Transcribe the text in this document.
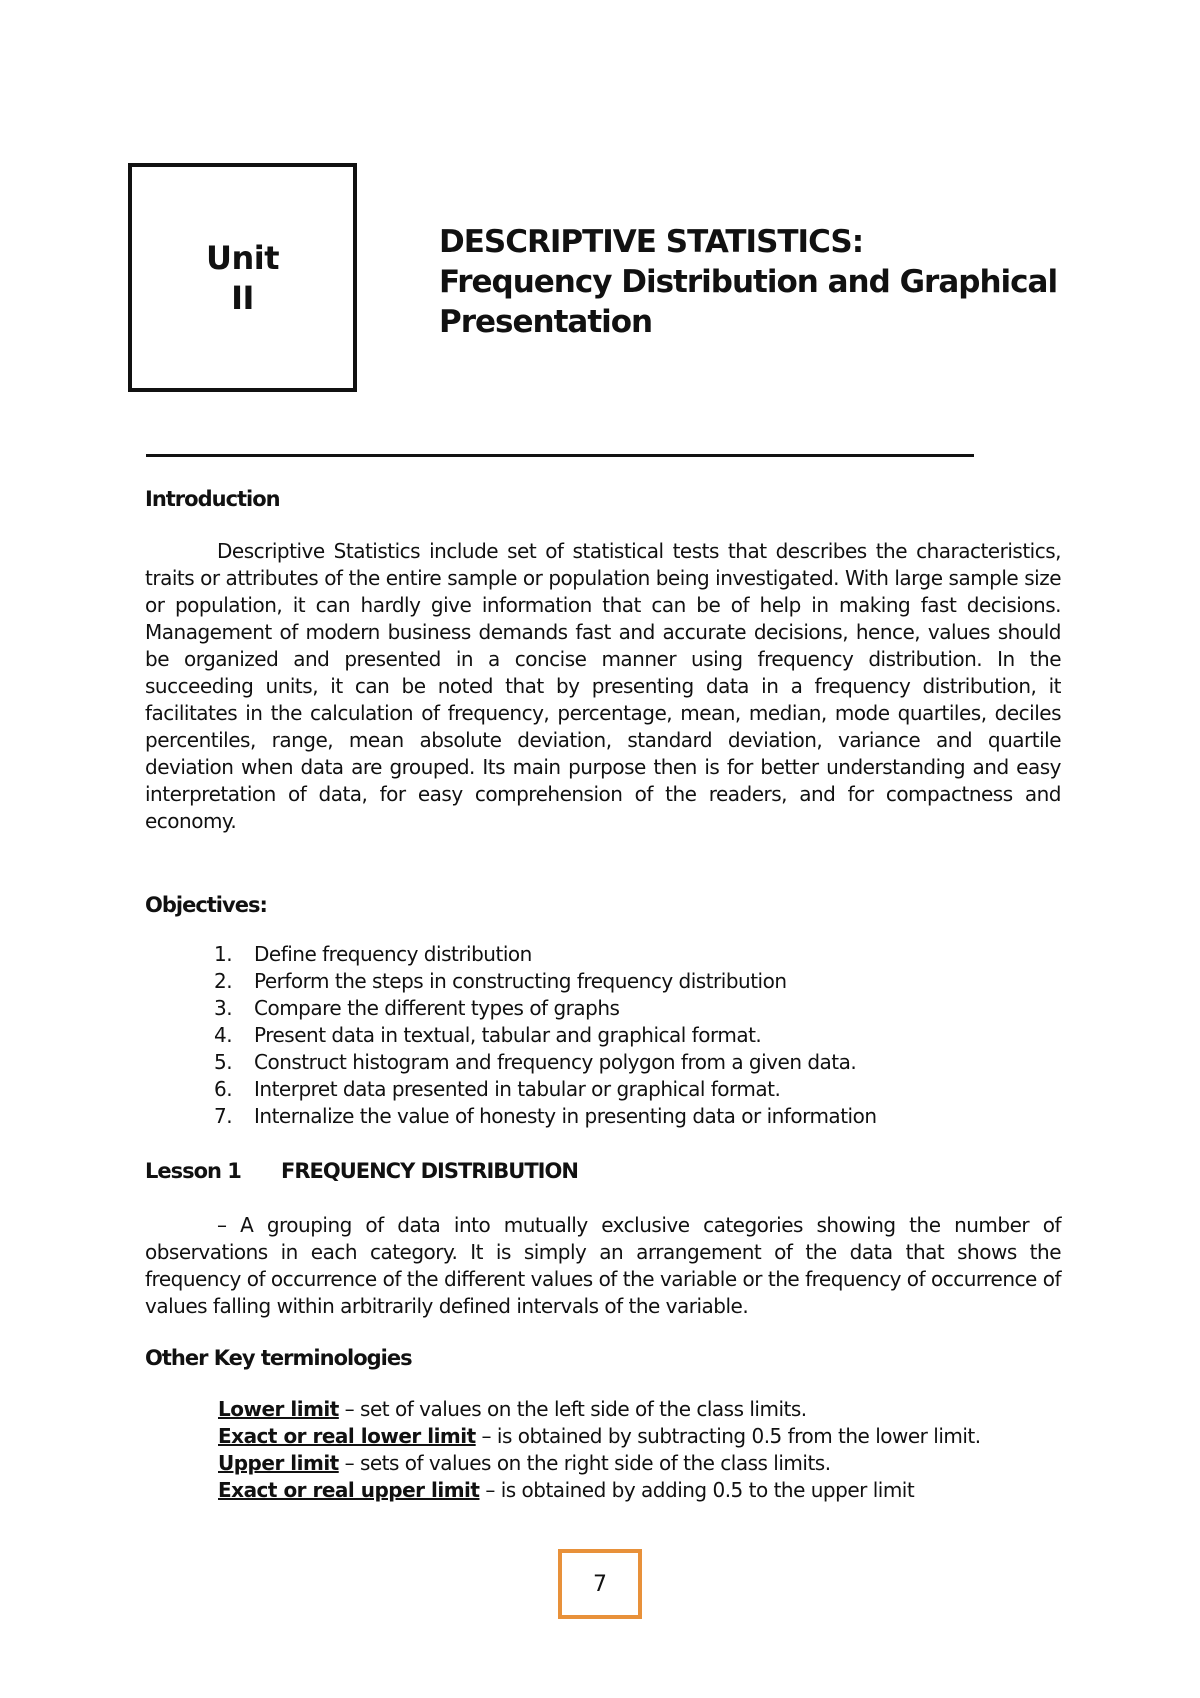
Unit
II
DESCRIPTIVE STATISTICS:
Frequency Distribution and Graphical
Presentation
Introduction

Descriptive Statistics include set of statistical tests that describes the characteristics, traits or attributes of the entire sample or population being investigated. With large sample size or population, it can hardly give information that can be of help in making fast decisions. Management of modern business demands fast and accurate decisions, hence, values should be organized and presented in a concise manner using frequency distribution. In the succeeding units, it can be noted that by presenting data in a frequency distribution, it facilitates in the calculation of frequency, percentage, mean, median, mode quartiles, deciles percentiles, range, mean absolute deviation, standard deviation, variance and quartile deviation when data are grouped. Its main purpose then is for better understanding and easy interpretation of data, for easy comprehension of the readers, and for compactness and economy.

Objectives:
1. Define frequency distribution
2. Perform the steps in constructing frequency distribution
3. Compare the different types of graphs
4. Present data in textual, tabular and graphical format.
5. Construct histogram and frequency polygon from a given data.
6. Interpret data presented in tabular or graphical format.
7. Internalize the value of honesty in presenting data or information
Lesson 1 FREQUENCY DISTRIBUTION

– A grouping of data into mutually exclusive categories showing the number of observations in each category. It is simply an arrangement of the data that shows the frequency of occurrence of the different values of the variable or the frequency of occurrence of values falling within arbitrarily defined intervals of the variable.

Other Key terminologies
Lower limit – set of values on the left side of the class limits.
Exact or real lower limit – is obtained by subtracting 0.5 from the lower limit.
Upper limit – sets of values on the right side of the class limits.
Exact or real upper limit – is obtained by adding 0.5 to the upper limit
7
